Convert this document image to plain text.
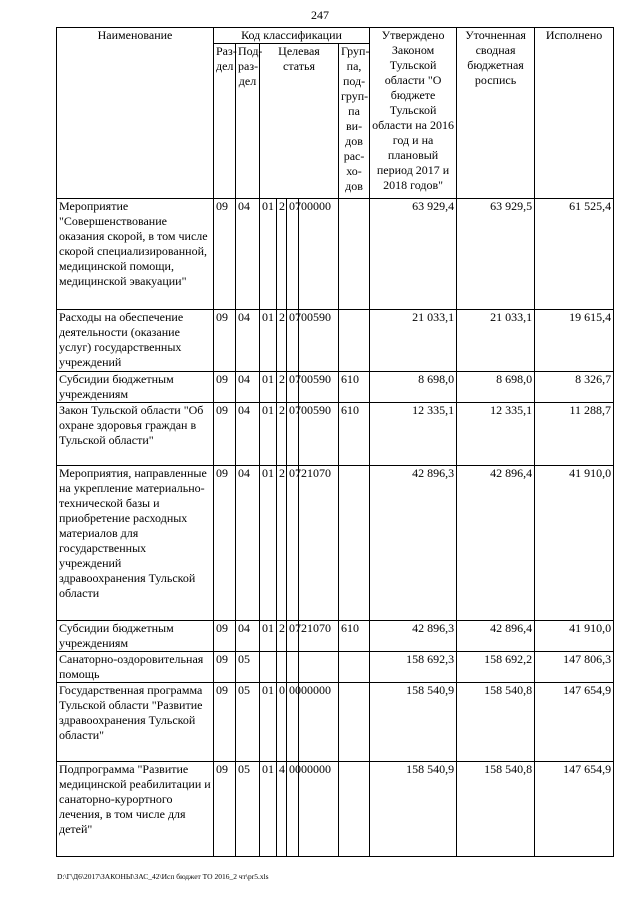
247
Наименование	Код классификации							Утверждено Законом Тульской области "О бюджете Тульской области на 2016 год и на плановый период 2017 и 2018 годов"	Уточненная сводная бюджетная роспись	Исполнено
	Раз-дел	Под-раз-дел	Целевая статья				Груп-па, под-груп-па ви-дов рас-хо-дов			
Мероприятие "Совершенствование оказания скорой, в том числе скорой специализированной, медицинской помощи, медицинской эвакуации"	09	04	01	2	07	00000		63 929,4	63 929,5	61 525,4
Расходы на обеспечение деятельности (оказание услуг) государственных учреждений	09	04	01	2	07	00590		21 033,1	21 033,1	19 615,4
Субсидии бюджетным учреждениям	09	04	01	2	07	00590	610	8 698,0	8 698,0	8 326,7
Закон Тульской области "Об охране здоровья граждан в Тульской области"	09	04	01	2	07	00590	610	12 335,1	12 335,1	11 288,7
Мероприятия, направленные на укрепление материально-технической базы и приобретение расходных материалов для государственных учреждений здравоохранения Тульской области	09	04	01	2	07	21070		42 896,3	42 896,4	41 910,0
Субсидии бюджетным учреждениям	09	04	01	2	07	21070	610	42 896,3	42 896,4	41 910,0
Санаторно-оздоровительная помощь	09	05						158 692,3	158 692,2	147 806,3
Государственная программа Тульской области "Развитие здравоохранения Тульской области"	09	05	01	0	00	00000		158 540,9	158 540,8	147 654,9
Подпрограмма "Развитие медицинской реабилитации и санаторно-курортного лечения, в том числе для детей"	09	05	01	4	00	00000		158 540,9	158 540,8	147 654,9
D:\Г\Д6\2017\ЗАКОНЫ\ЗАС_42\Исп бюджет ТО 2016_2 чт\pr5.xls
